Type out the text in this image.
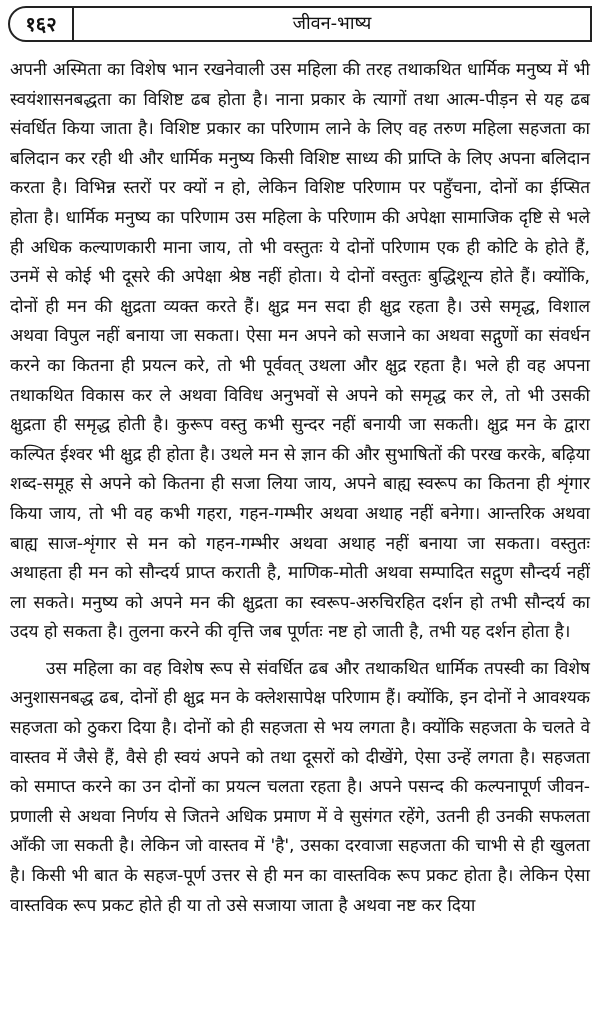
१६२	जीवन-भाष्य

अपनी अस्मिता का विशेष भान रखनेवाली उस महिला की तरह तथाकथित धार्मिक मनुष्य में भी स्वयंशासनबद्धता का विशिष्ट ढब होता है। नाना प्रकार के त्यागों तथा आत्म-पीड़न से यह ढब संवर्धित किया जाता है। विशिष्ट प्रकार का परिणाम लाने के लिए वह तरुण महिला सहजता का बलिदान कर रही थी और धार्मिक मनुष्य किसी विशिष्ट साध्य की प्राप्ति के लिए अपना बलिदान करता है। विभिन्न स्तरों पर क्यों न हो, लेकिन विशिष्ट परिणाम पर पहुँचना, दोनों का ईप्सित होता है। धार्मिक मनुष्य का परिणाम उस महिला के परिणाम की अपेक्षा सामाजिक दृष्टि से भले ही अधिक कल्याणकारी माना जाय, तो भी वस्तुतः ये दोनों परिणाम एक ही कोटि के होते हैं, उनमें से कोई भी दूसरे की अपेक्षा श्रेष्ठ नहीं होता। ये दोनों वस्तुतः बुद्धिशून्य होते हैं। क्योंकि, दोनों ही मन की क्षुद्रता व्यक्त करते हैं। क्षुद्र मन सदा ही क्षुद्र रहता है। उसे समृद्ध, विशाल अथवा विपुल नहीं बनाया जा सकता। ऐसा मन अपने को सजाने का अथवा सद्गुणों का संवर्धन करने का कितना ही प्रयत्न करे, तो भी पूर्ववत् उथला और क्षुद्र रहता है। भले ही वह अपना तथाकथित विकास कर ले अथवा विविध अनुभवों से अपने को समृद्ध कर ले, तो भी उसकी क्षुद्रता ही समृद्ध होती है। कुरूप वस्तु कभी सुन्दर नहीं बनायी जा सकती। क्षुद्र मन के द्वारा कल्पित ईश्वर भी क्षुद्र ही होता है। उथले मन से ज्ञान की और सुभाषितों की परख करके, बढ़िया शब्द-समूह से अपने को कितना ही सजा लिया जाय, अपने बाह्य स्वरूप का कितना ही शृंगार किया जाय, तो भी वह कभी गहरा, गहन-गम्भीर अथवा अथाह नहीं बनेगा। आन्तरिक अथवा बाह्य साज-शृंगार से मन को गहन-गम्भीर अथवा अथाह नहीं बनाया जा सकता। वस्तुतः अथाहता ही मन को सौन्दर्य प्राप्त कराती है, माणिक-मोती अथवा सम्पादित सद्गुण सौन्दर्य नहीं ला सकते। मनुष्य को अपने मन की क्षुद्रता का स्वरूप-अरुचिरहित दर्शन हो तभी सौन्दर्य का उदय हो सकता है। तुलना करने की वृत्ति जब पूर्णतः नष्ट हो जाती है, तभी यह दर्शन होता है।

उस महिला का वह विशेष रूप से संवर्धित ढब और तथाकथित धार्मिक तपस्वी का विशेष अनुशासनबद्ध ढब, दोनों ही क्षुद्र मन के क्लेशसापेक्ष परिणाम हैं। क्योंकि, इन दोनों ने आवश्यक सहजता को ठुकरा दिया है। दोनों को ही सहजता से भय लगता है। क्योंकि सहजता के चलते वे वास्तव में जैसे हैं, वैसे ही स्वयं अपने को तथा दूसरों को दीखेंगे, ऐसा उन्हें लगता है। सहजता को समाप्त करने का उन दोनों का प्रयत्न चलता रहता है। अपने पसन्द की कल्पनापूर्ण जीवन-प्रणाली से अथवा निर्णय से जितने अधिक प्रमाण में वे सुसंगत रहेंगे, उतनी ही उनकी सफलता आँकी जा सकती है। लेकिन जो वास्तव में 'है', उसका दरवाजा सहजता की चाभी से ही खुलता है। किसी भी बात के सहज-पूर्ण उत्तर से ही मन का वास्तविक रूप प्रकट होता है। लेकिन ऐसा वास्तविक रूप प्रकट होते ही या तो उसे सजाया जाता है अथवा नष्ट कर दिया
